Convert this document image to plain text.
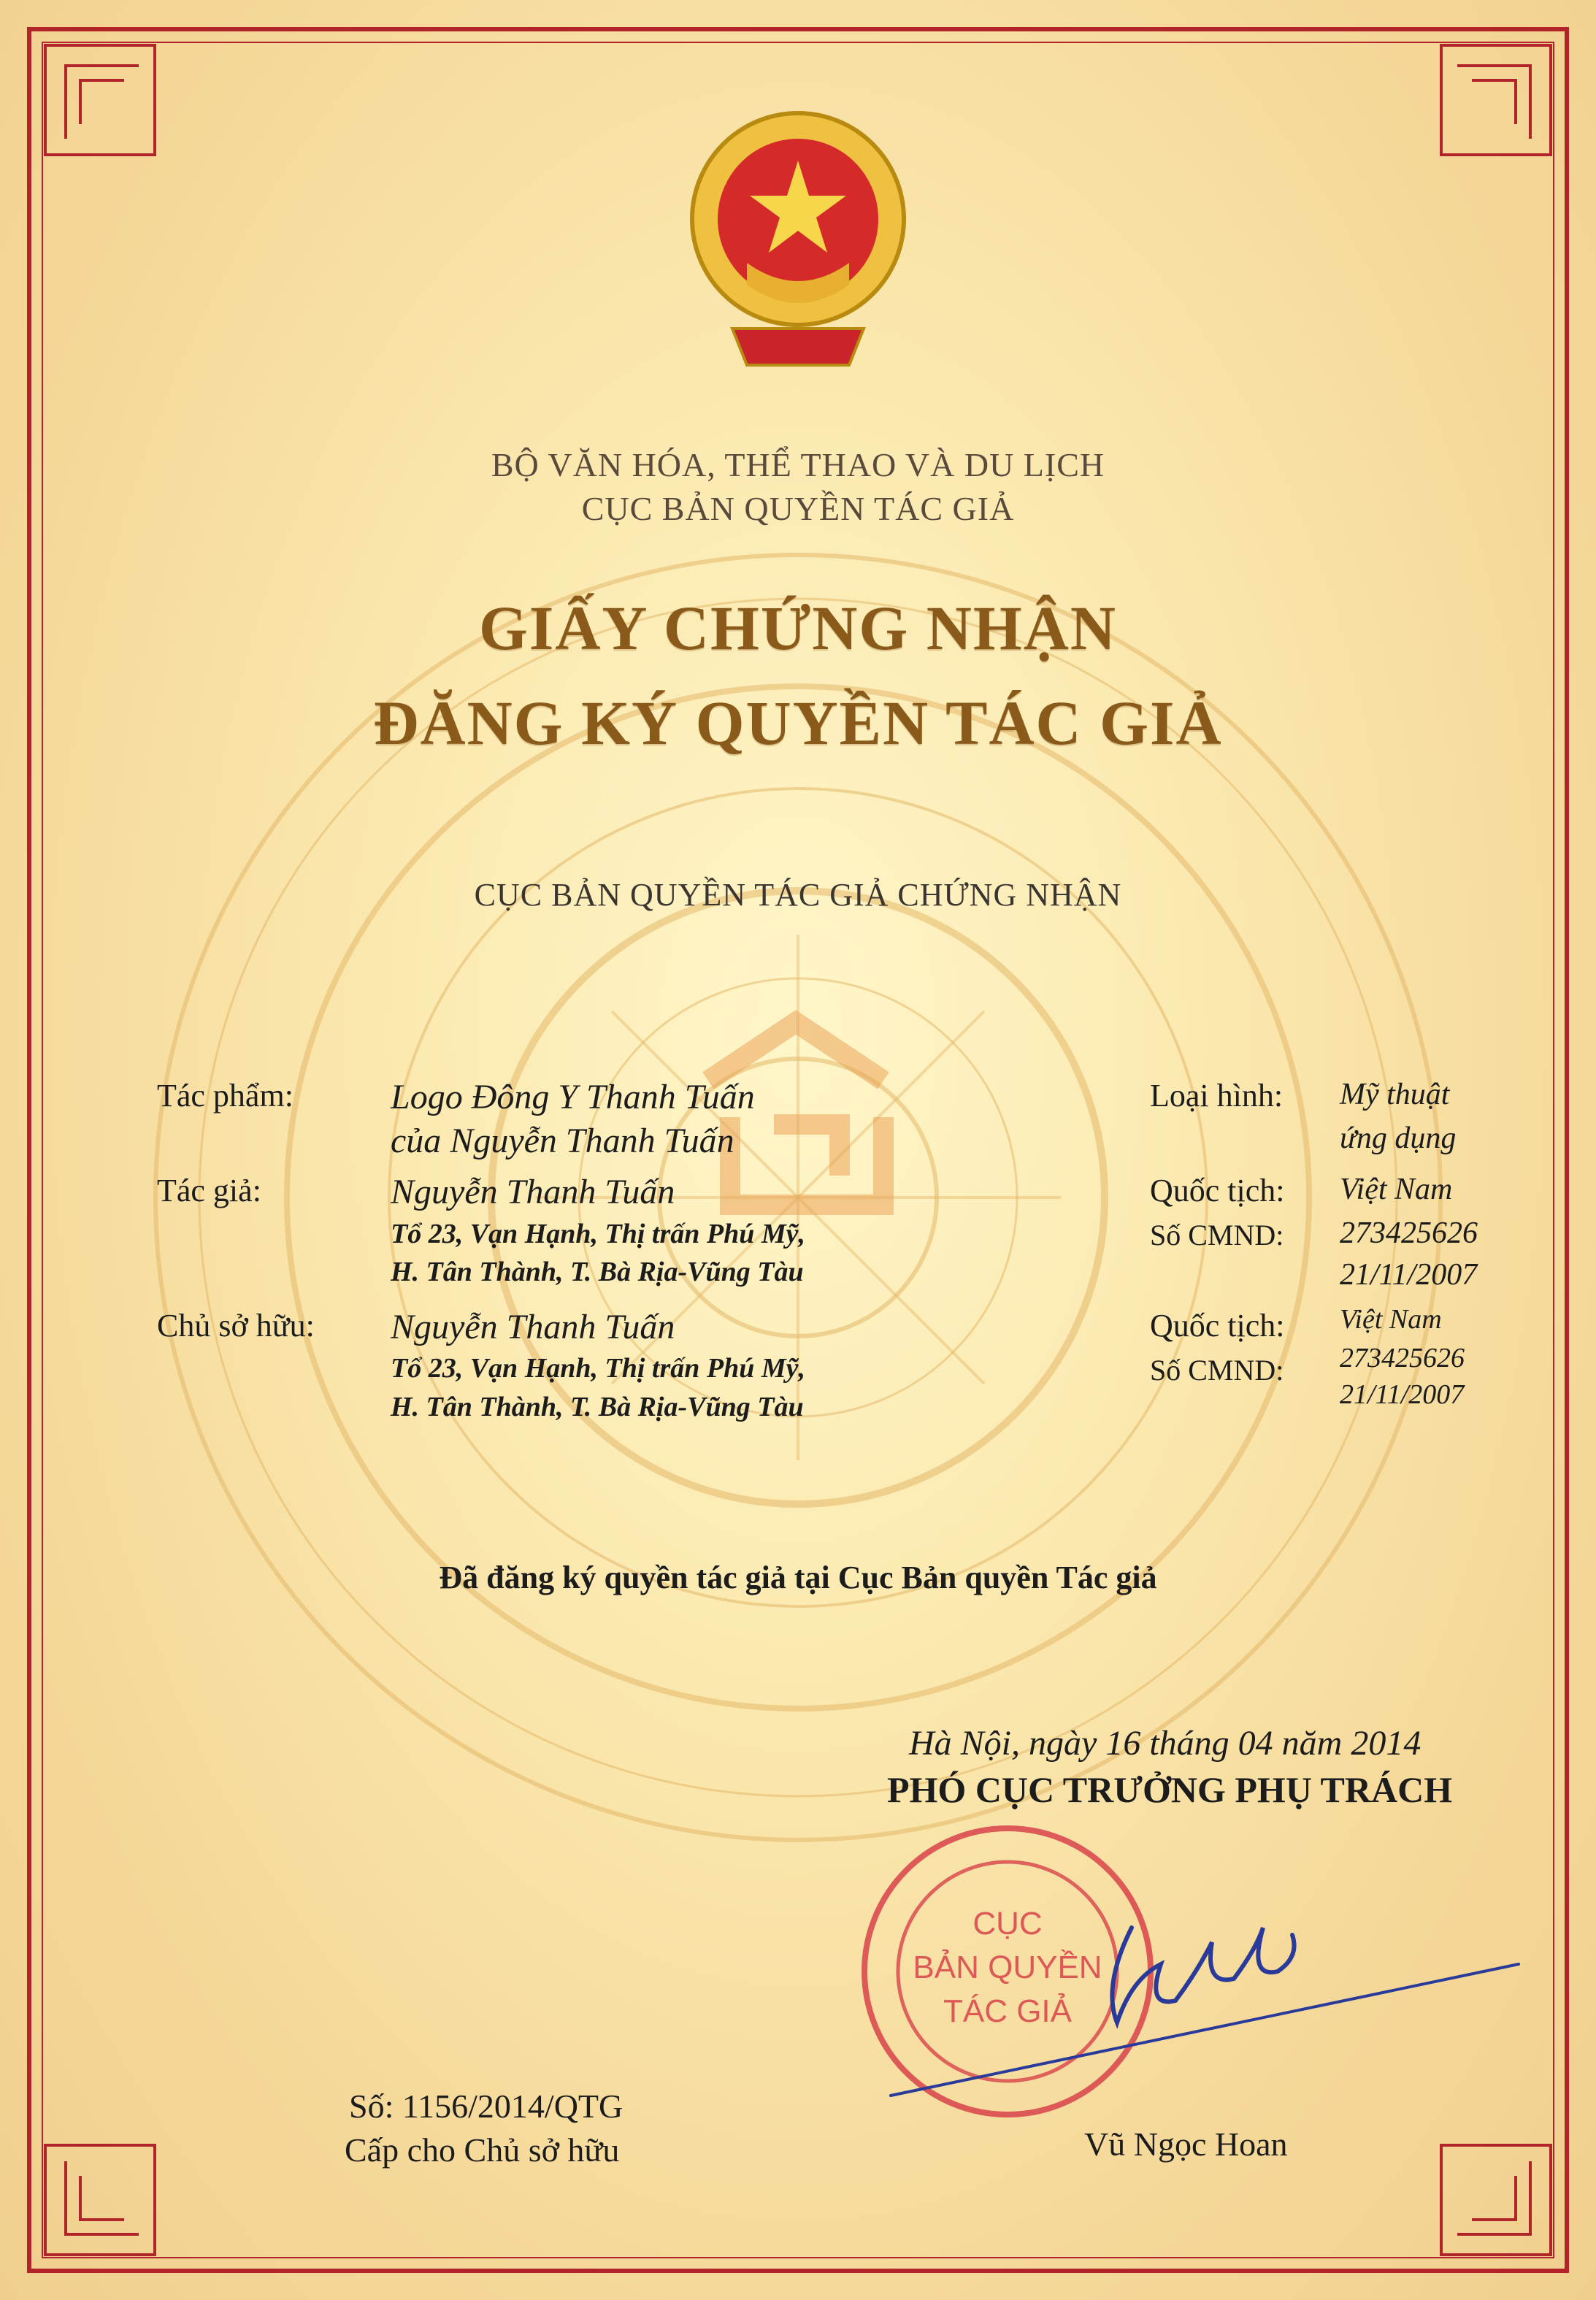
BỘ VĂN HÓA, THỂ THAO VÀ DU LỊCH
CỤC BẢN QUYỀN TÁC GIẢ
GIẤY CHỨNG NHẬN
ĐĂNG KÝ QUYỀN TÁC GIẢ
CỤC BẢN QUYỀN TÁC GIẢ CHỨNG NHẬN
Tác phẩm:	Logo Đông Y Thanh Tuấn
của Nguyễn Thanh Tuấn
Loại hình: Mỹ thuật
ứng dụng
Tác giả:	Nguyễn Thanh Tuấn
Tổ 23, Vạn Hạnh, Thị trấn Phú Mỹ,
H. Tân Thành, T. Bà Rịa-Vũng Tàu
Quốc tịch: Việt Nam
Số CMND: 273425626
21/11/2007
Chủ sở hữu: Nguyễn Thanh Tuấn
Tổ 23, Vạn Hạnh, Thị trấn Phú Mỹ,
H. Tân Thành, T. Bà Rịa-Vũng Tàu
Quốc tịch: Việt Nam
Số CMND: 273425626
21/11/2007
Đã đăng ký quyền tác giả tại Cục Bản quyền Tác giả
Hà Nội, ngày 16 tháng 04 năm 2014
PHÓ CỤC TRƯỞNG PHỤ TRÁCH
CỤC
BẢN QUYỀN
TÁC GIẢ
Vũ Ngọc Hoan
Số: 1156/2014/QTG
Cấp cho Chủ sở hữu
